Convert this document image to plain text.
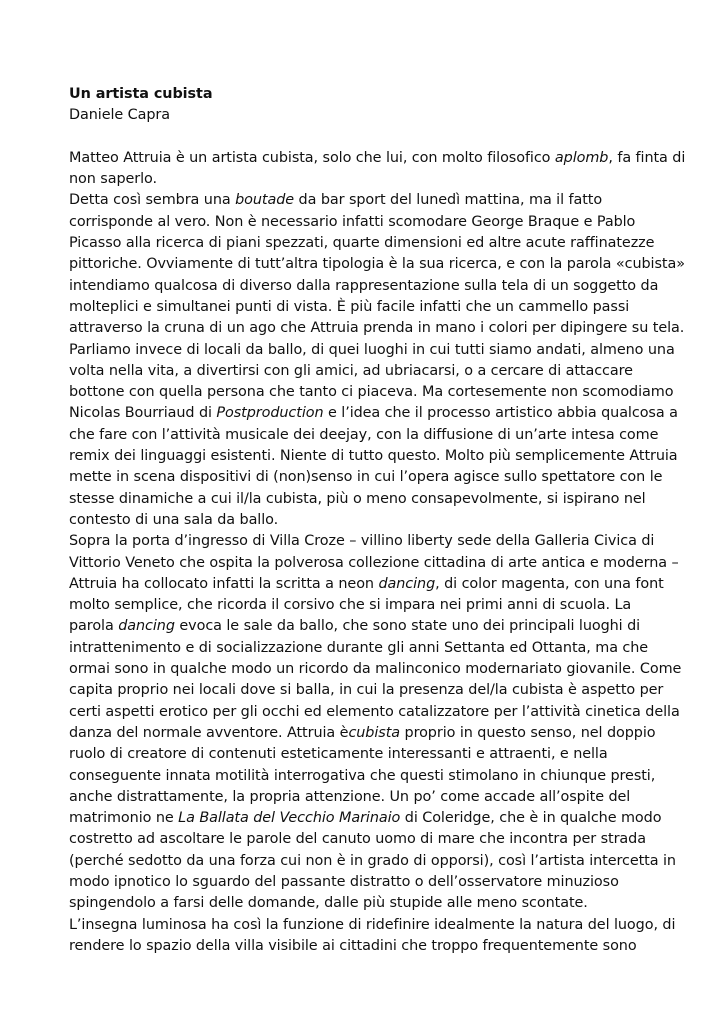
Un artista cubista

Daniele Capra

Matteo Attruia è un artista cubista, solo che lui, con molto filosofico aplomb, fa finta di
non saperlo.
Detta così sembra una boutade da bar sport del lunedì mattina, ma il fatto
corrisponde al vero. Non è necessario infatti scomodare George Braque e Pablo
Picasso alla ricerca di piani spezzati, quarte dimensioni ed altre acute raffinatezze
pittoriche. Ovviamente di tutt’altra tipologia è la sua ricerca, e con la parola «cubista»
intendiamo qualcosa di diverso dalla rappresentazione sulla tela di un soggetto da
molteplici e simultanei punti di vista. È più facile infatti che un cammello passi
attraverso la cruna di un ago che Attruia prenda in mano i colori per dipingere su tela.
Parliamo invece di locali da ballo, di quei luoghi in cui tutti siamo andati, almeno una
volta nella vita, a divertirsi con gli amici, ad ubriacarsi, o a cercare di attaccare
bottone con quella persona che tanto ci piaceva. Ma cortesemente non scomodiamo
Nicolas Bourriaud di Postproduction e l’idea che il processo artistico abbia qualcosa a
che fare con l’attività musicale dei deejay, con la diffusione di un’arte intesa come
remix dei linguaggi esistenti. Niente di tutto questo. Molto più semplicemente Attruia
mette in scena dispositivi di (non)senso in cui l’opera agisce sullo spettatore con le
stesse dinamiche a cui il/la cubista, più o meno consapevolmente, si ispirano nel
contesto di una sala da ballo.
Sopra la porta d’ingresso di Villa Croze – villino liberty sede della Galleria Civica di
Vittorio Veneto che ospita la polverosa collezione cittadina di arte antica e moderna –
Attruia ha collocato infatti la scritta a neon dancing, di color magenta, con una font
molto semplice, che ricorda il corsivo che si impara nei primi anni di scuola. La
parola dancing evoca le sale da ballo, che sono state uno dei principali luoghi di
intrattenimento e di socializzazione durante gli anni Settanta ed Ottanta, ma che
ormai sono in qualche modo un ricordo da malinconico modernariato giovanile. Come
capita proprio nei locali dove si balla, in cui la presenza del/la cubista è aspetto per
certi aspetti erotico per gli occhi ed elemento catalizzatore per l’attività cinetica della
danza del normale avventore. Attruia ècubista proprio in questo senso, nel doppio
ruolo di creatore di contenuti esteticamente interessanti e attraenti, e nella
conseguente innata motilità interrogativa che questi stimolano in chiunque presti,
anche distrattamente, la propria attenzione. Un po’ come accade all’ospite del
matrimonio ne La Ballata del Vecchio Marinaio di Coleridge, che è in qualche modo
costretto ad ascoltare le parole del canuto uomo di mare che incontra per strada
(perché sedotto da una forza cui non è in grado di opporsi), così l’artista intercetta in
modo ipnotico lo sguardo del passante distratto o dell’osservatore minuzioso
spingendolo a farsi delle domande, dalle più stupide alle meno scontate.
L’insegna luminosa ha così la funzione di ridefinire idealmente la natura del luogo, di
rendere lo spazio della villa visibile ai cittadini che troppo frequentemente sono
